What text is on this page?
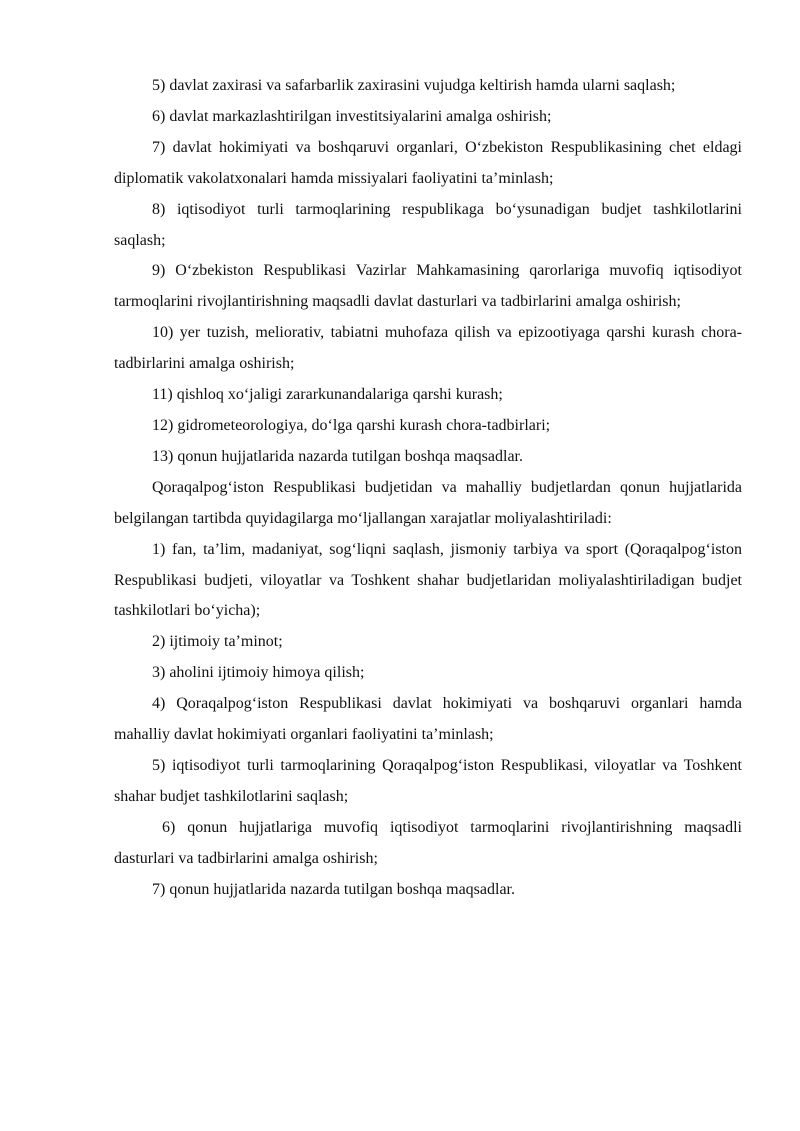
5) davlat zaxirasi va safarbarlik zaxirasini vujudga keltirish hamda ularni saqlash;

6) davlat markazlashtirilgan investitsiyalarini amalga oshirish;

7) davlat hokimiyati va boshqaruvi organlari, O‘zbekiston Respublikasining chet eldagi diplomatik vakolatxonalari hamda missiyalari faoliyatini ta’minlash;

8) iqtisodiyot turli tarmoqlarining respublikaga bo‘ysunadigan budjet tashkilotlarini saqlash;

9) O‘zbekiston Respublikasi Vazirlar Mahkamasining qarorlariga muvofiq iqtisodiyot tarmoqlarini rivojlantirishning maqsadli davlat dasturlari va tadbirlarini amalga oshirish;

10) yer tuzish, meliorativ, tabiatni muhofaza qilish va epizootiyaga qarshi kurash chora-tadbirlarini amalga oshirish;

11) qishloq xo‘jaligi zararkunandalariga qarshi kurash;

12) gidrometeorologiya, do‘lga qarshi kurash chora-tadbirlari;

13) qonun hujjatlarida nazarda tutilgan boshqa maqsadlar.

Qoraqalpog‘iston Respublikasi budjetidan va mahalliy budjetlardan qonun hujjatlarida belgilangan tartibda quyidagilarga mo‘ljallangan xarajatlar moliyalashtiriladi:

1) fan, ta’lim, madaniyat, sog‘liqni saqlash, jismoniy tarbiya va sport (Qoraqalpog‘iston Respublikasi budjeti, viloyatlar va Toshkent shahar budjetlaridan moliyalashtiriladigan budjet tashkilotlari bo‘yicha);

2) ijtimoiy ta’minot;

3) aholini ijtimoiy himoya qilish;

4) Qoraqalpog‘iston Respublikasi davlat hokimiyati va boshqaruvi organlari hamda mahalliy davlat hokimiyati organlari faoliyatini ta’minlash;

5) iqtisodiyot turli tarmoqlarining Qoraqalpog‘iston Respublikasi, viloyatlar va Toshkent shahar budjet tashkilotlarini saqlash;

6) qonun hujjatlariga muvofiq iqtisodiyot tarmoqlarini rivojlantirishning maqsadli dasturlari va tadbirlarini amalga oshirish;

7) qonun hujjatlarida nazarda tutilgan boshqa maqsadlar.
